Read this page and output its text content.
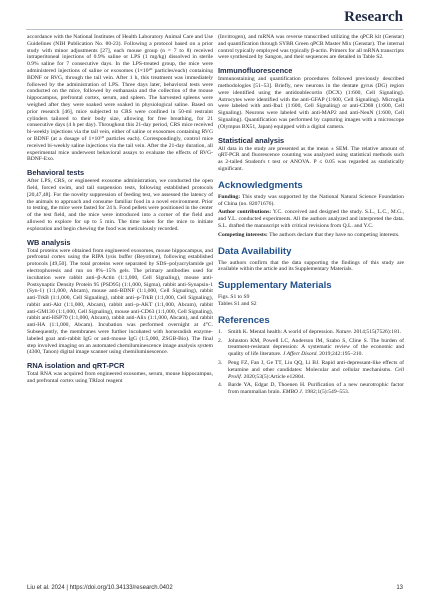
Research

accordance with the National Institutes of Health Laboratory Animal Care and Use Guidelines (NIH Publication No. 80-23). Following a protocol based on a prior study with minor adjustments [27], each mouse group (n = 7 to 8) received intraperitoneal injections of 0.9% saline or LPS (1 mg/kg) dissolved in sterile 0.9% saline for 7 consecutive days. In the LPS-treated group, the mice were administered injections of saline or exosomes (1×10¹⁰ particles/each) containing BDNF or RVG, through the tail vein. After 1 h, this treatment was immediately followed by the administration of LPS. Three days later, behavioral tests were conducted on the mice, followed by euthanasia and the collection of the mouse hippocampus, prefrontal cortex, serum, and spleen. The harvested spleens were weighed after they were soaked were soaked in physiological saline. Based on prior research [46], mice subjected to CRS were confined in 50-ml restraint cylinders tailored to their body size, allowing for free breathing, for 21 consecutive days (4 h per day). Throughout this 21-day period, CRS mice received bi-weekly injections via the tail vein, either of saline or exosomes containing RVG or BDNF (at a dosage of 1×10¹⁰ particles each). Correspondingly, control mice received bi-weekly saline injections via the tail vein. After the 21-day duration, all experimental mice underwent behavioral assays to evaluate the effects of RVG-BDNF-Exo.

Behavioral tests

After LPS, CRS, or engineered exosome administration, we conducted the open field, forced swim, and tail suspension tests, following established protocols [20,47,48]. For the novelty suppression of feeding test, we assessed the latency of the animals to approach and consume familiar food in a novel environment. Prior to testing, the mice were fasted for 24 h. Food pellets were positioned in the center of the test field, and the mice were introduced into a corner of the field and allowed to explore for up to 5 min. The time taken for the mice to initiate exploration and begin chewing the food was meticulously recorded.

WB analysis

Total proteins were obtained from engineered exosomes, mouse hippocampus, and prefrontal cortex using the RIPA lysis buffer (Beyotime), following established protocols [49,50]. The total proteins were separated by SDS–polyacrylamide gel electrophoresis and run on 8%–15% gels. The primary antibodies used for incubation were rabbit anti–β-Actin (1:1,000, Cell Signaling), mouse anti-Postsynaptic Density Protein 95 (PSD95) (1:1,000, Sigma), rabbit anti-Synapsin-1 (Syn-1) (1:1,000, Abcam), mouse anti-BDNF (1:1,000, Cell Signaling), rabbit anti-TrkB (1:1,000, Cell Signaling), rabbit anti–p-TrkB (1:1,000, Cell Signaling), rabbit anti-Akt (1:1,000, Abcam), rabbit anti–p-AKT (1:1,000, Abcam), rabbit anti-GM130 (1:1,000, Cell Signaling), mouse anti-CD63 (1:1,000, Cell Signaling), rabbit anti-HSP70 (1:1,000, Abcam), rabbit anti-Alix (1:1,000, Abcam), and rabbit anti-HA (1:1,000, Abcam). Incubation was performed overnight at 4°C. Subsequently, the membranes were further incubated with horseradish enzyme-labeled goat anti-rabbit IgG or anti-mouse IgG (1:5,000, ZSGB-Bio). The final step involved imaging on an automated chemiluminescence image analysis system (4300, Tanon) digital image scanner using chemiluminescence.

RNA isolation and qRT-PCR

Total RNA was acquired from engineered exosomes, serum, mouse hippocampus, and prefrontal cortex using TRIzol reagent

(Invitrogen), and mRNA was reverse transcribed utilizing the qPCR kit (Genstar) and quantification through SYBR Green qPCR Master Mix (Genstar). The internal control typically employed was typically β-actin. Primers for all mRNA transcripts were synthesized by Sangon, and their sequences are detailed in Table S2.

Immunofluorescence

Immunostaining and quantification procedures followed previously described methodologies [51–53]. Briefly, new neurons in the dentate gyrus (DG) region were identified using the antidoublecortin (DCX) (1:600, Cell Signaling). Astrocytes were identified with the anti-GFAP (1:600, Cell Signaling). Microglia were labeled with anti-Iba1 (1:600, Cell Signaling) or anti-CD68 (1:600, Cell Signaling). Neurons were labeled with anti-MAP2 and anti-NeuN (1:600, Cell Signaling). Quantification was performed by capturing images with a microscope (Olympus BX51, Japan) equipped with a digital camera.

Statistical analysis

All data in the study are presented as the mean ± SEM. The relative amount of qRT-PCR and fluorescence counting was analyzed using statistical methods such as 2-tailed Student's t test or ANOVA. P ≤ 0.05 was regarded as statistically significant.

Acknowledgments

Funding: This study was supported by the National Natural Science Foundation of China (no. 82071676).

Author contributions: Y.C. conceived and designed the study. S.L., L.C., M.G., and Y.L. conducted experiments. All the authors analyzed and interpreted the data. S.L. drafted the manuscript with critical revisions from Q.L. and Y.C.

Competing interests: The authors declare that they have no competing interests.

Data Availability

The authors confirm that the data supporting the findings of this study are available within the article and its Supplementary Materials.

Supplementary Materials
Figs. S1 to S9
Tables S1 and S2
References
1. Smith K. Mental health: A world of depression. Nature. 2014;515(7526):181.
2. Johnston KM, Powell LC, Anderson IM, Szabo S, Cline S. The burden of treatment-resistant depression: A systematic review of the economic and quality of life literature. J Affect Disord. 2019;242:195–210.
3. Peng FZ, Fan J, Ge TT, Liu QQ, Li BJ. Rapid anti-depressant-like effects of ketamine and other candidates: Molecular and cellular mechanisms. Cell Prolif. 2020;53(5):Article e12804.
4. Barde YA, Edgar D, Thoenen H. Purification of a new neurotrophic factor from mammalian brain. EMBO J. 1982;1(5):549–553.
Liu et al. 2024 | https://doi.org/10.34133/research.0402	13
